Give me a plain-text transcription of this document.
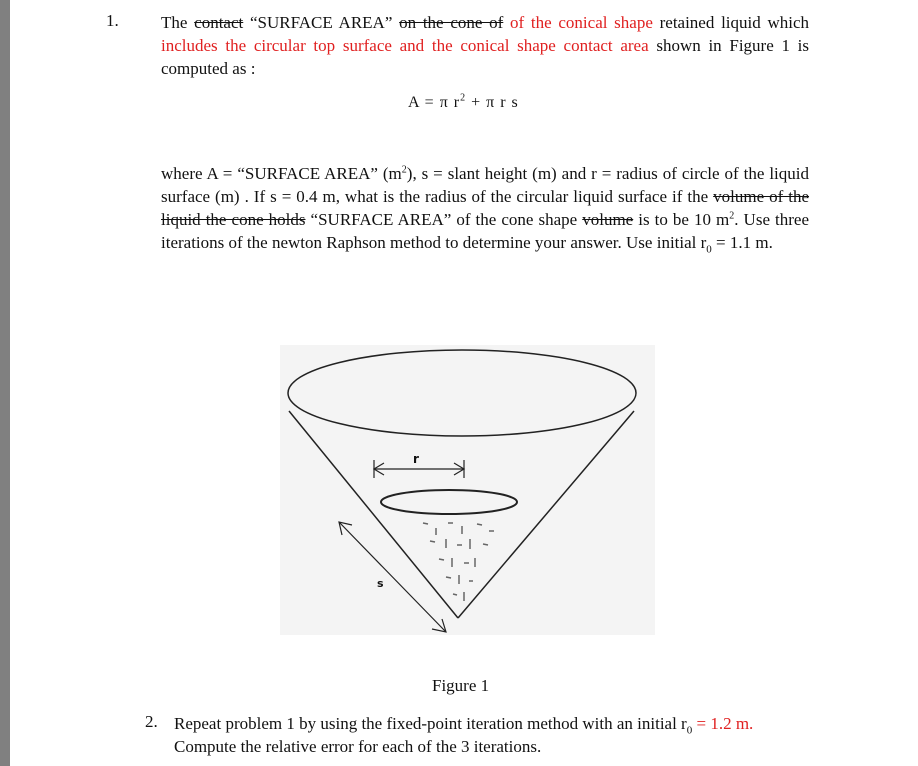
1. The contact “SURFACE AREA” on the cone of of the conical shape retained liquid which includes the circular top surface and the conical shape contact area shown in Figure 1 is computed as :
A = π $r^2 + \pi$ r s
where A = “SURFACE AREA” $(m^2)$, s = slant height (m) and r = radius of circle of the liquid surface (m) . If s = 0.4 m, what is the radius of the circular liquid surface if the volume of the liquid the cone holds “SURFACE AREA” of the cone shape volume is to be 10 $m^2$. Use three iterations of the newton Raphson method to determine your answer. Use initial $r_0 = 1.1$ m.
r
s
Figure 1
2. Repeat problem 1 by using the fixed-point iteration method with an initial $r_0 = 1.2$ m.
Compute the relative error for each of the 3 iterations.
